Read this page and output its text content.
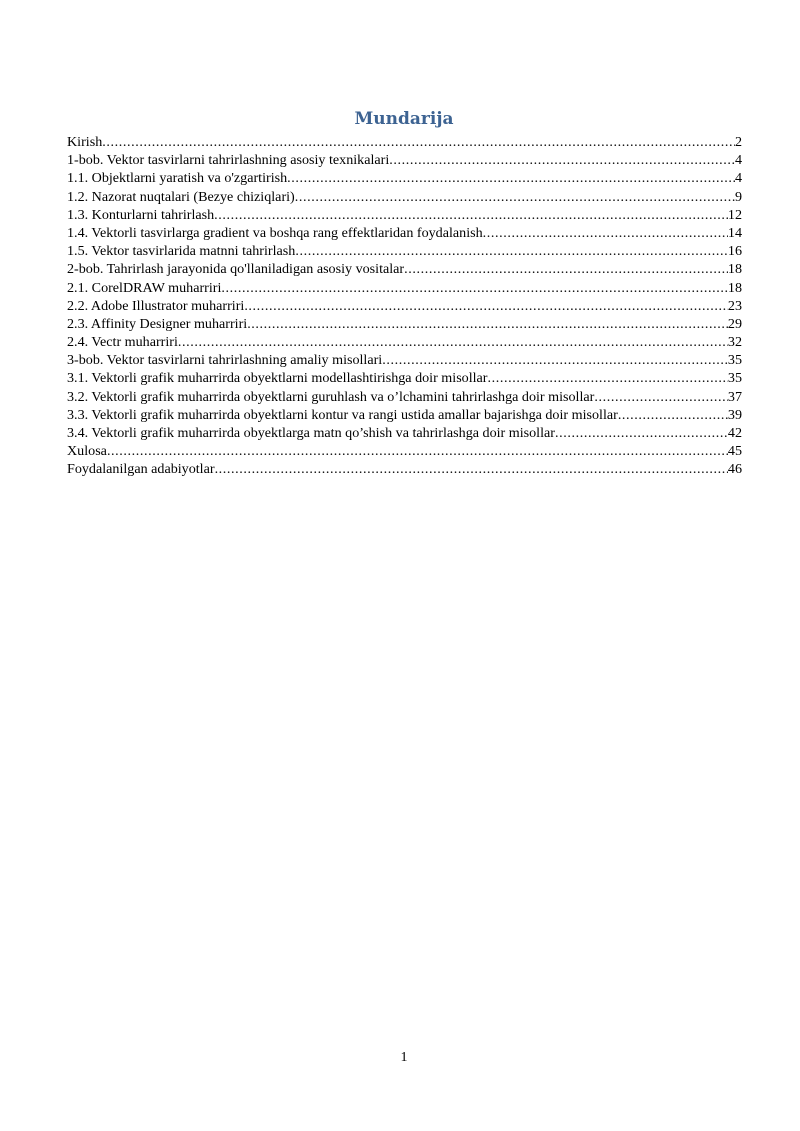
Mundarija
Kirish .....	2
1-bob. Vektor tasvirlarni tahrirlashning asosiy texnikalari .....	4
1.1. Objektlarni yaratish va o'zgartirish .....	4
1.2. Nazorat nuqtalari (Bezye chiziqlari) .....	9
1.3. Konturlarni tahrirlash .....	12
1.4. Vektorli tasvirlarga gradient va boshqa rang effektlaridan foydalanish .....	14
1.5. Vektor tasvirlarida matnni tahrirlash .....	16
2-bob. Tahrirlash jarayonida qo'llaniladigan asosiy vositalar .....	18
2.1. CorelDRAW muharriri .....	18
2.2. Adobe Illustrator muharriri .....	23
2.3. Affinity Designer muharriri .....	29
2.4. Vectr muharriri .....	32
3-bob. Vektor tasvirlarni tahrirlashning amaliy misollari .....	35
3.1. Vektorli grafik muharrirda obyektlarni modellashtirishga doir misollar .....	35
3.2. Vektorli grafik muharrirda obyektlarni guruhlash va o’lchamini tahrirlashga doir misollar .....	37
3.3. Vektorli grafik muharrirda obyektlarni kontur va rangi ustida amallar bajarishga doir misollar .....	39
3.4. Vektorli grafik muharrirda obyektlarga matn qo’shish va tahrirlashga doir misollar .....	42
Xulosa .....	45
Foydalanilgan adabiyotlar .....	46
1
